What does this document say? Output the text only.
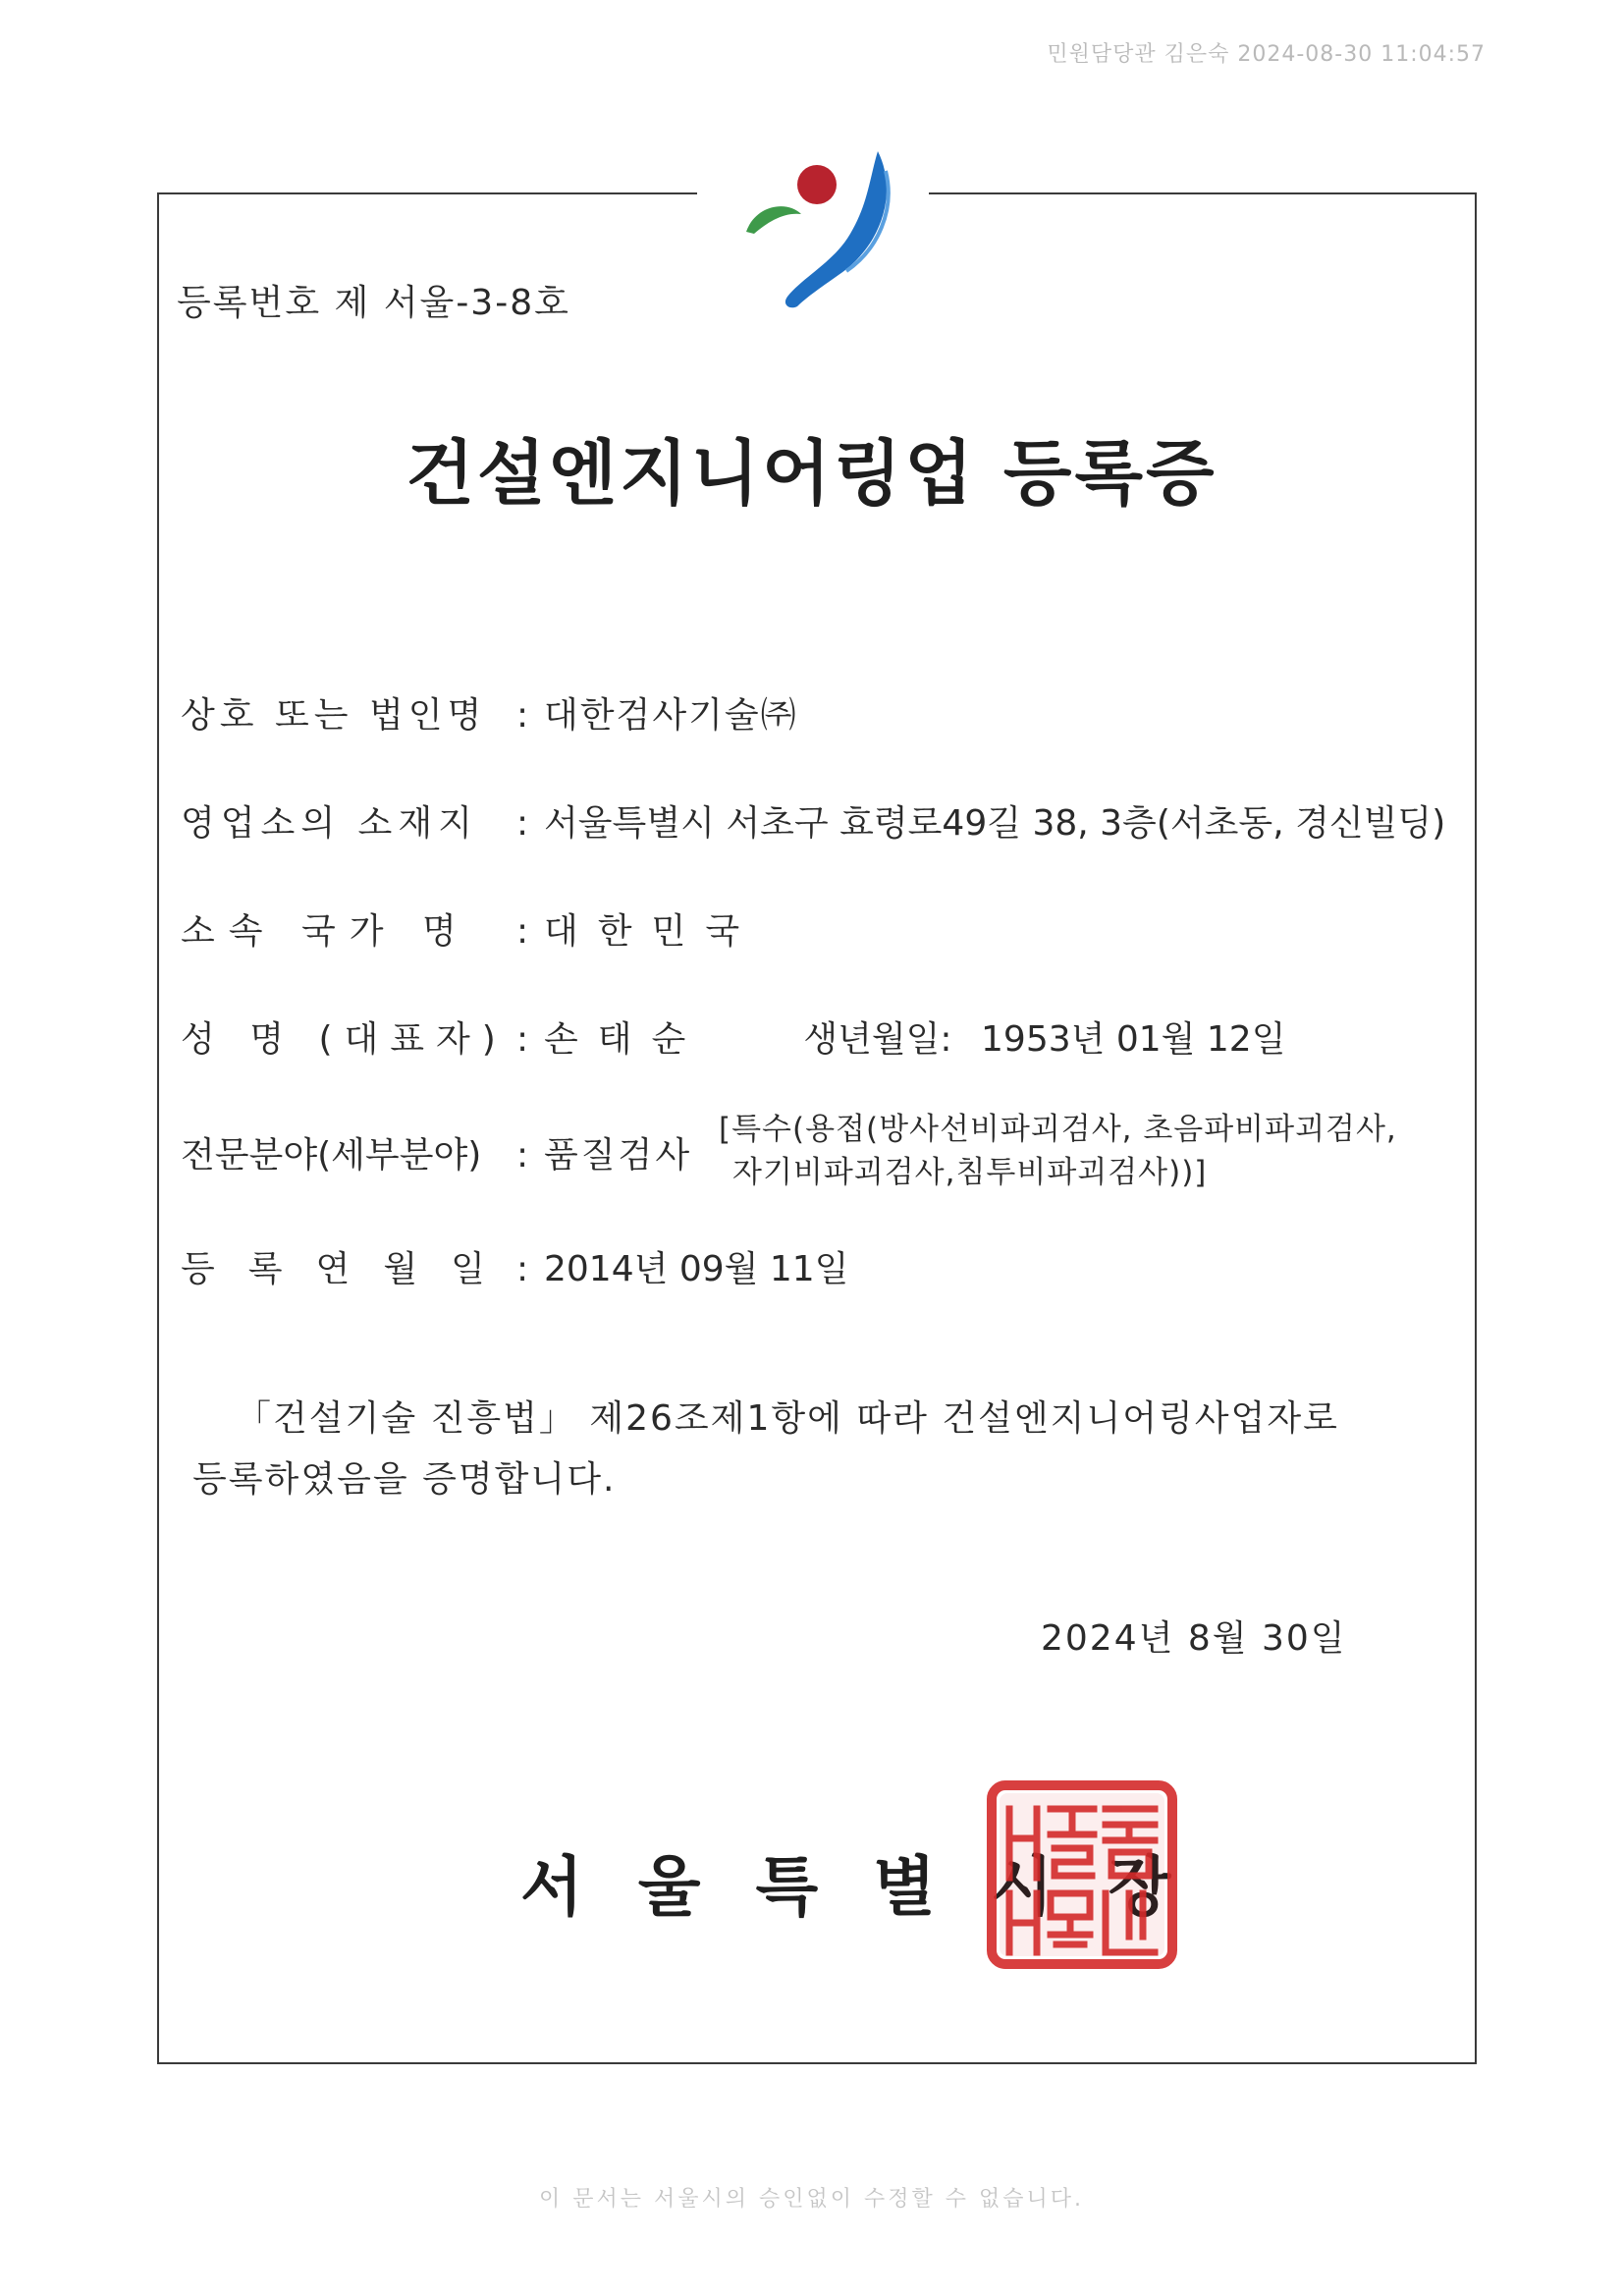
민원담당관 김은숙 2024-08-30 11:04:57
등록번호 제 서울-3-8호
건설엔지니어링업 등록증
상호 또는 법인명 : 대한검사기술㈜
영업소의 소재지 : 서울특별시 서초구 효령로49길 38, 3층(서초동, 경신빌딩)
소속 국가 명 : 대한민국
성 명 (대표자) : 손태순	생년월일: 1953년 01월 12일
전문분야(세부분야) : 품질검사
[특수(용접(방사선비파괴검사, 초음파비파괴검사,
자기비파괴검사,침투비파괴검사))]
등록연월일: 2014년 09월 11일
「건설기술 진흥법」 제26조제1항에 따라 건설엔지니어링사업자로
등록하였음을 증명합니다.
2024년 8월 30일
서울특별시장
이 문서는 서울시의 승인없이 수정할 수 없습니다.
